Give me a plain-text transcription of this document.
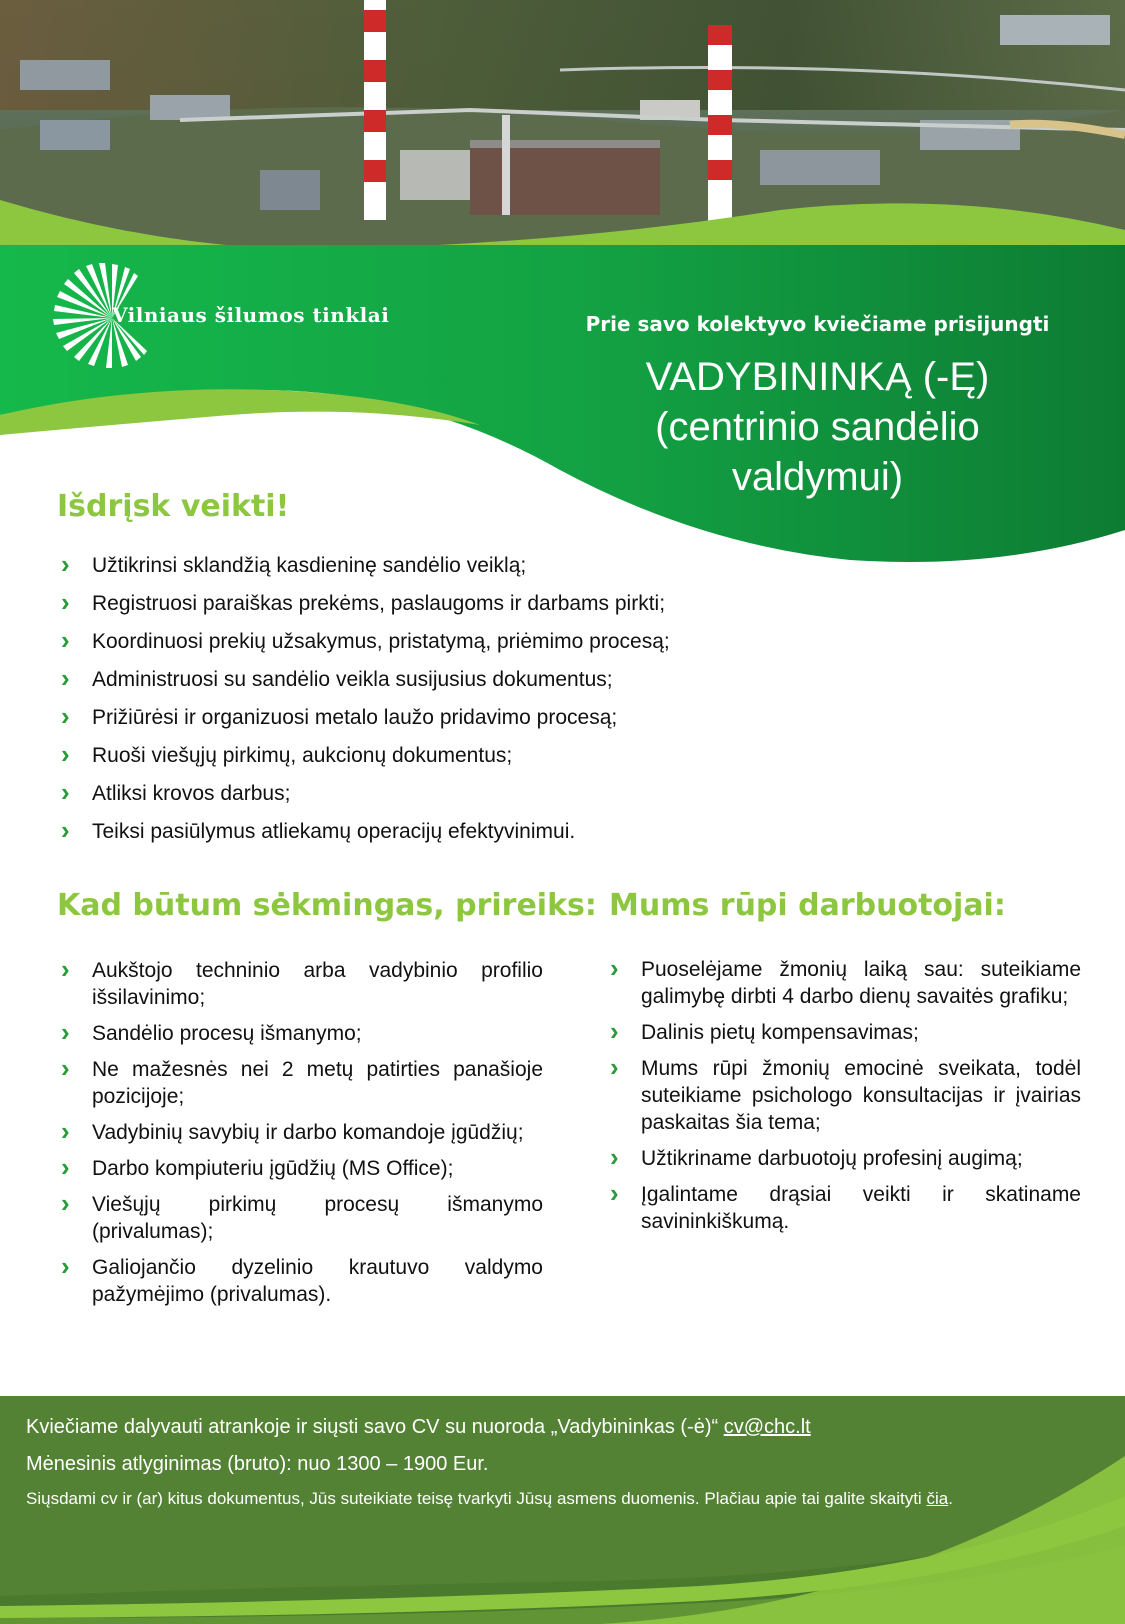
Vilniaus šilumos tinklai	Prie savo kolektyvo kviečiame prisijungti
VADYBININKĄ (-Ę)
(centrinio sandėlio
valdymui)
Išdrįsk veikti!
› Užtikrinsi sklandžią kasdieninę sandėlio veiklą;
› Registruosi paraiškas prekėms, paslaugoms ir darbams pirkti;
› Koordinuosi prekių užsakymus, pristatymą, priėmimo procesą;
› Administruosi su sandėlio veikla susijusius dokumentus;
› Prižiūrėsi ir organizuosi metalo laužo pridavimo procesą;
› Ruoši viešųjų pirkimų, aukcionų dokumentus;
› Atliksi krovos darbus;
› Teiksi pasiūlymus atliekamų operacijų efektyvinimui.
Kad būtum sėkmingas, prireiks:
› Aukštojo techninio arba vadybinio profilio išsilavinimo;
› Sandėlio procesų išmanymo;
› Ne mažesnės nei 2 metų patirties panašioje pozicijoje;
› Vadybinių savybių ir darbo komandoje įgūdžių;
› Darbo kompiuteriu įgūdžių (MS Office);
› Viešųjų pirkimų procesų išmanymo (privalumas);
› Galiojančio dyzelinio krautuvo valdymo pažymėjimo (privalumas).
Mums rūpi darbuotojai:
› Puoselėjame žmonių laiką sau: suteikiame galimybę dirbti 4 darbo dienų savaitės grafiku;
› Dalinis pietų kompensavimas;
› Mums rūpi žmonių emocinė sveikata, todėl suteikiame psichologo konsultacijas ir įvairias paskaitas šia tema;
› Užtikriname darbuotojų profesinį augimą;
› Įgalintame drąsiai veikti ir skatiname savininkiškumą.
Kviečiame dalyvauti atrankoje ir siųsti savo CV su nuoroda „Vadybininkas (-ė)“ cv@chc.lt
Mėnesinis atlyginimas (bruto): nuo 1300 – 1900 Eur.
Siųsdami cv ir (ar) kitus dokumentus, Jūs suteikiate teisę tvarkyti Jūsų asmens duomenis. Plačiau apie tai galite skaityti čia.
